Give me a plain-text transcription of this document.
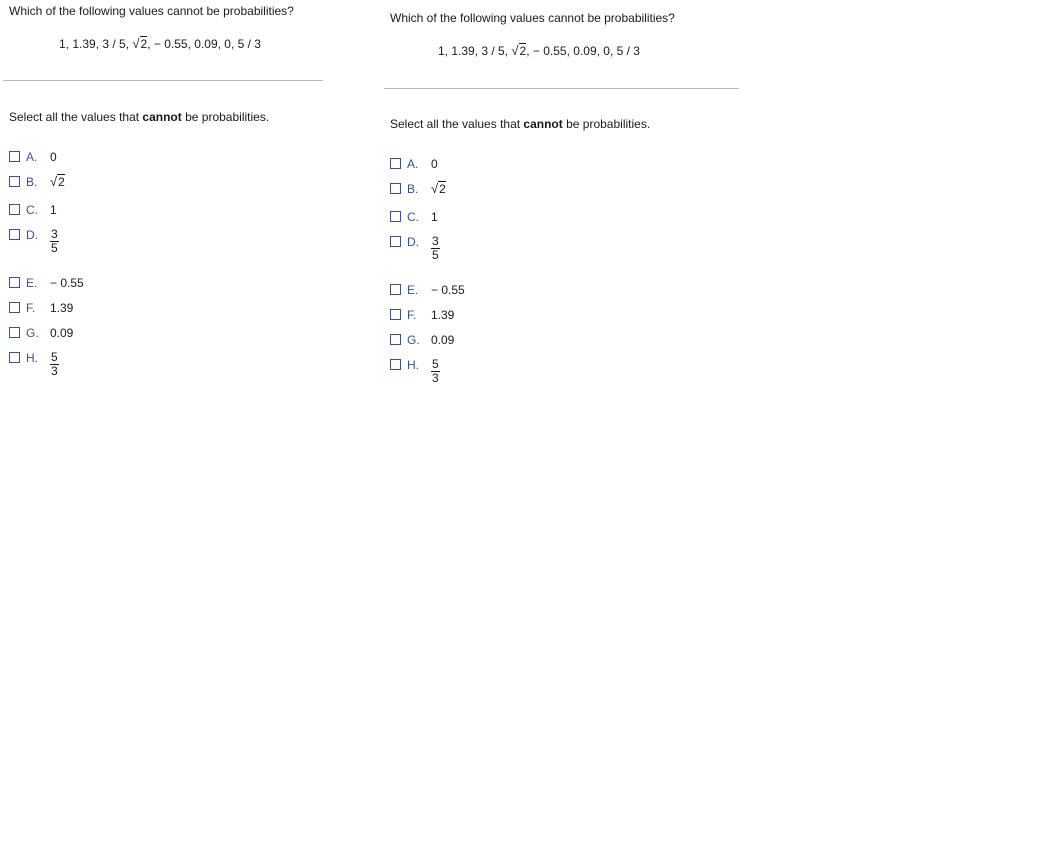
Which of the following values cannot be probabilities?
1, 1.39, 3 / 5, √2, − 0.55, 0.09, 0, 5 / 3
Select all the values that cannot be probabilities.
A.	0
B. √2
C.	1
D.	$\frac{3}{5}$
E.	− 0.55
F.	1.39
G. 0.09
H.	$\frac{5}{3}$
Which of the following values cannot be probabilities?
1, 1.39, 3 / 5, √2, − 0.55, 0.09, 0, 5 / 3
Select all the values that cannot be probabilities.
A.	0
B. √2
C.	1
D.	$\frac{3}{5}$
E.	− 0.55
F.	1.39
G. 0.09
H.	$\frac{5}{3}$
